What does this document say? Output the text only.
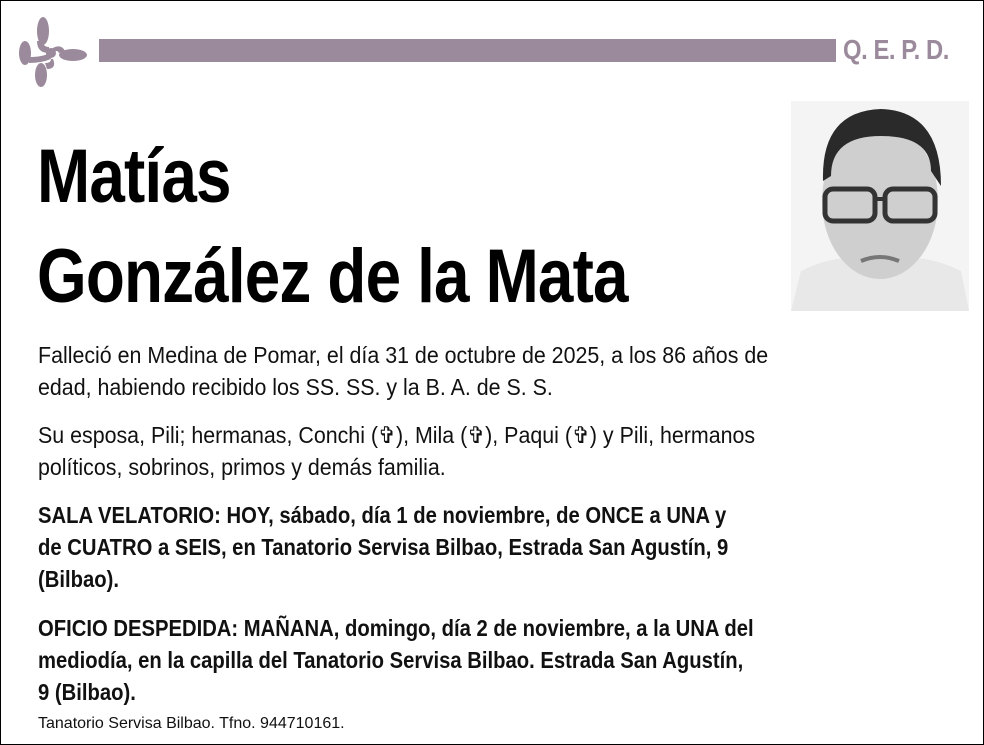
Q. E. P. D.
Matías
González de la Mata
Falleció en Medina de Pomar, el día 31 de octubre de 2025, a los 86 años de
edad, habiendo recibido los SS. SS. y la B. A. de S. S.
Su esposa, Pili; hermanas, Conchi (✞), Mila (✞), Paqui (✞) y Pili, hermanos
políticos, sobrinos, primos y demás familia.
SALA VELATORIO: HOY, sábado, día 1 de noviembre, de ONCE a UNA y
de CUATRO a SEIS, en Tanatorio Servisa Bilbao, Estrada San Agustín, 9
(Bilbao).
OFICIO DESPEDIDA: MAÑANA, domingo, día 2 de noviembre, a la UNA del
mediodía, en la capilla del Tanatorio Servisa Bilbao. Estrada San Agustín,
9 (Bilbao).
Tanatorio Servisa Bilbao. Tfno. 944710161.
